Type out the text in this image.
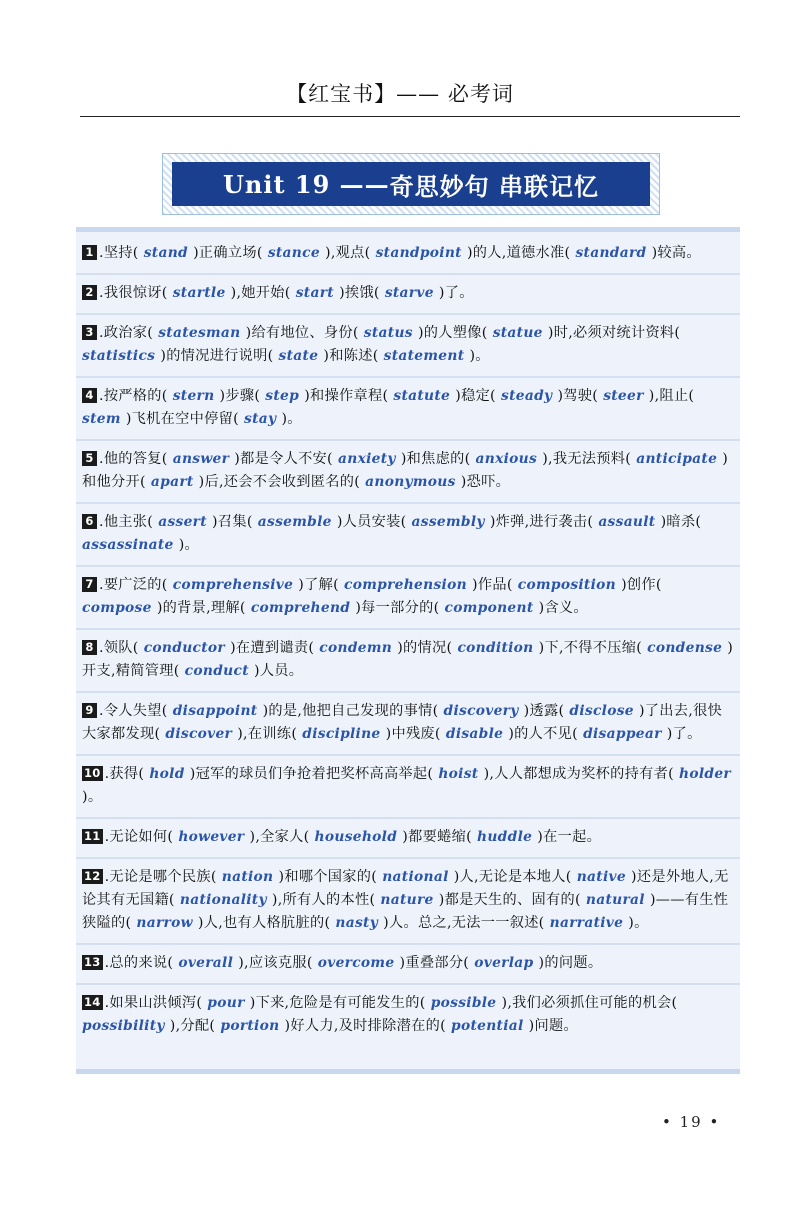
【红宝书】—— 必考词
Unit 19 —— 奇思妙句 串联记忆
1 .坚持( stand )正确立场( stance ),观点( standpoint )的人,道德水准( standard )较高。
2 .我很惊讶( startle ),她开始( start )挨饿( starve )了。
3 .政治家( statesman )给有地位、身份( status )的人塑像( statue )时,必须对统计资料( statistics )的情况进行说明( state )和陈述( statement )。
4 .按严格的( stern )步骤( step )和操作章程( statute )稳定( steady )驾驶( steer ),阻止( stem )飞机在空中停留( stay )。
5 .他的答复( answer )都是令人不安( anxiety )和焦虑的( anxious ),我无法预料( anticipate )和他分开( apart )后,还会不会收到匿名的( anonymous )恐吓。
6 .他主张( assert )召集( assemble )人员安装( assembly )炸弹,进行袭击( assault )暗杀( assassinate )。
7 .要广泛的( comprehensive )了解( comprehension )作品( composition )创作( compose )的背景,理解( comprehend )每一部分的( component )含义。
8 .领队( conductor )在遭到谴责( condemn )的情况( condition )下,不得不压缩( condense )开支,精简管理( conduct )人员。
9 .令人失望( disappoint )的是,他把自己发现的事情( discovery )透露( disclose )了出去,很快大家都发现( discover ),在训练( discipline )中残废( disable )的人不见( disappear )了。
10 .获得( hold )冠军的球员们争抢着把奖杯高高举起( hoist ),人人都想成为奖杯的持有者( holder )。
11 .无论如何( however ),全家人( household )都要蜷缩( huddle )在一起。
12 .无论是哪个民族( nation )和哪个国家的( national )人,无论是本地人( native )还是外地人,无论其有无国籍( nationality ),所有人的本性( nature )都是天生的、固有的( natural )——有生性狭隘的( narrow )人,也有人格肮脏的( nasty )人。总之,无法一一叙述( narrative )。
13 .总的来说( overall ),应该克服( overcome )重叠部分( overlap )的问题。
14 .如果山洪倾泻( pour )下来,危险是有可能发生的( possible ),我们必须抓住可能的机会( possibility ),分配( portion )好人力,及时排除潜在的( potential )问题。
• 19 •
